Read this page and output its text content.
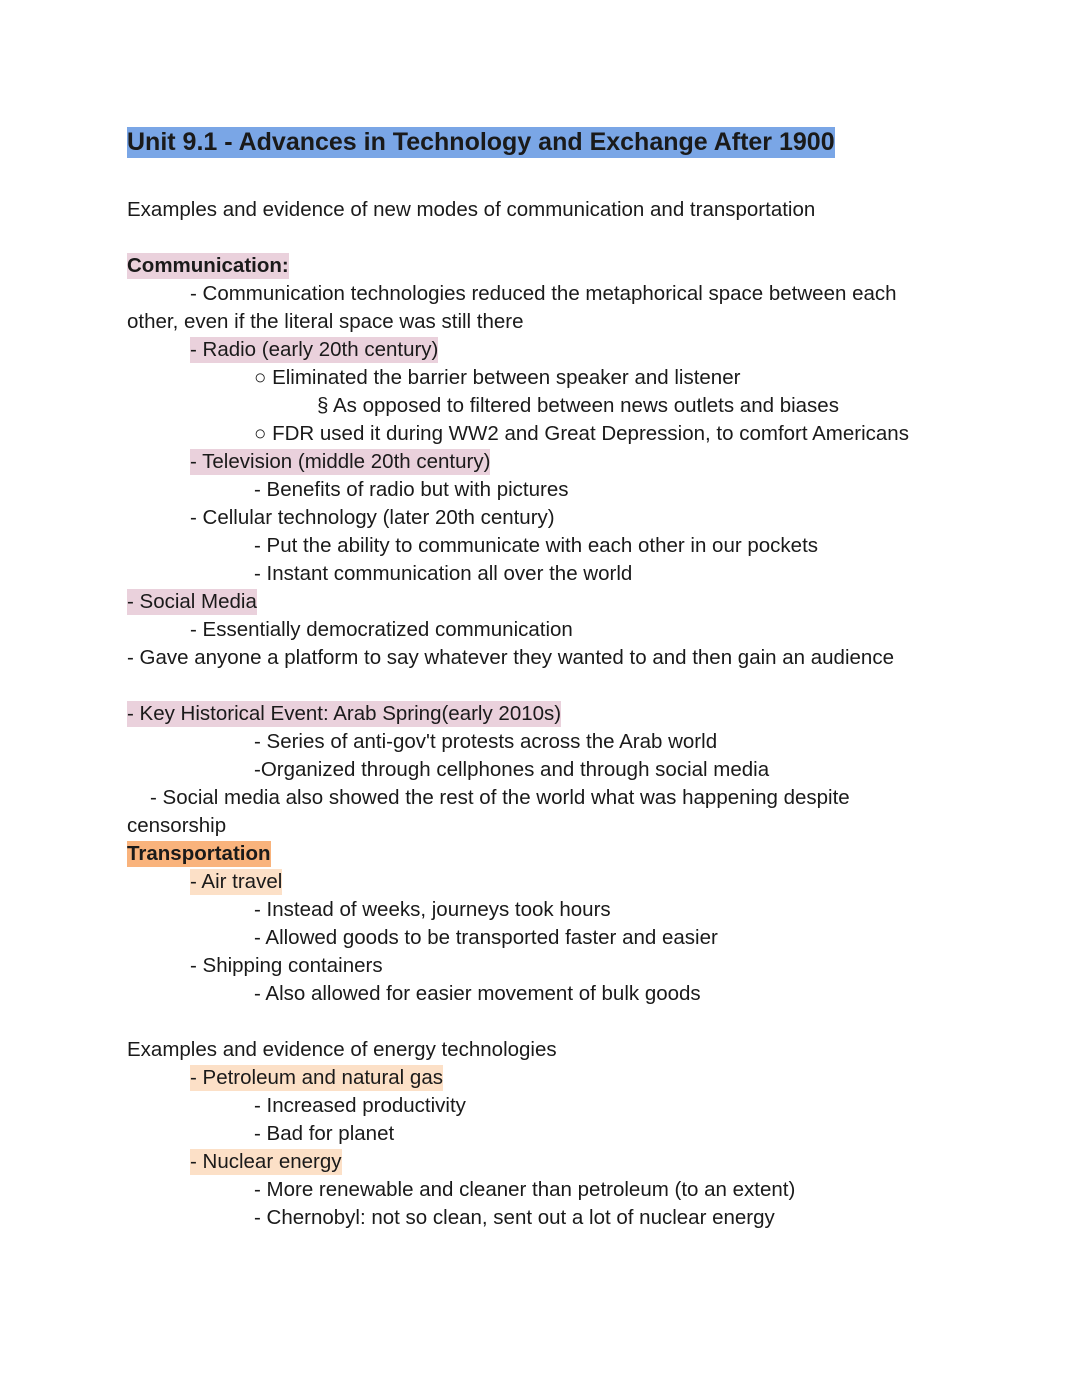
Unit 9.1 - Advances in Technology and Exchange After 1900
Examples and evidence of new modes of communication and transportation
Communication:
- Communication technologies reduced the metaphorical space between each
other, even if the literal space was still there
- Radio (early 20th century)
○ Eliminated the barrier between speaker and listener
§ As opposed to filtered between news outlets and biases
○ FDR used it during WW2 and Great Depression, to comfort Americans
- Television (middle 20th century)
- Benefits of radio but with pictures
- Cellular technology (later 20th century)
- Put the ability to communicate with each other in our pockets
- Instant communication all over the world
- Social Media
- Essentially democratized communication
- Gave anyone a platform to say whatever they wanted to and then gain an audience
- Key Historical Event: Arab Spring(early 2010s)
- Series of anti-gov't protests across the Arab world
-Organized through cellphones and through social media
- Social media also showed the rest of the world what was happening despite
censorship
Transportation
- Air travel
- Instead of weeks, journeys took hours
- Allowed goods to be transported faster and easier
- Shipping containers
- Also allowed for easier movement of bulk goods
Examples and evidence of energy technologies
- Petroleum and natural gas
- Increased productivity
- Bad for planet
- Nuclear energy
- More renewable and cleaner than petroleum (to an extent)
- Chernobyl: not so clean, sent out a lot of nuclear energy
